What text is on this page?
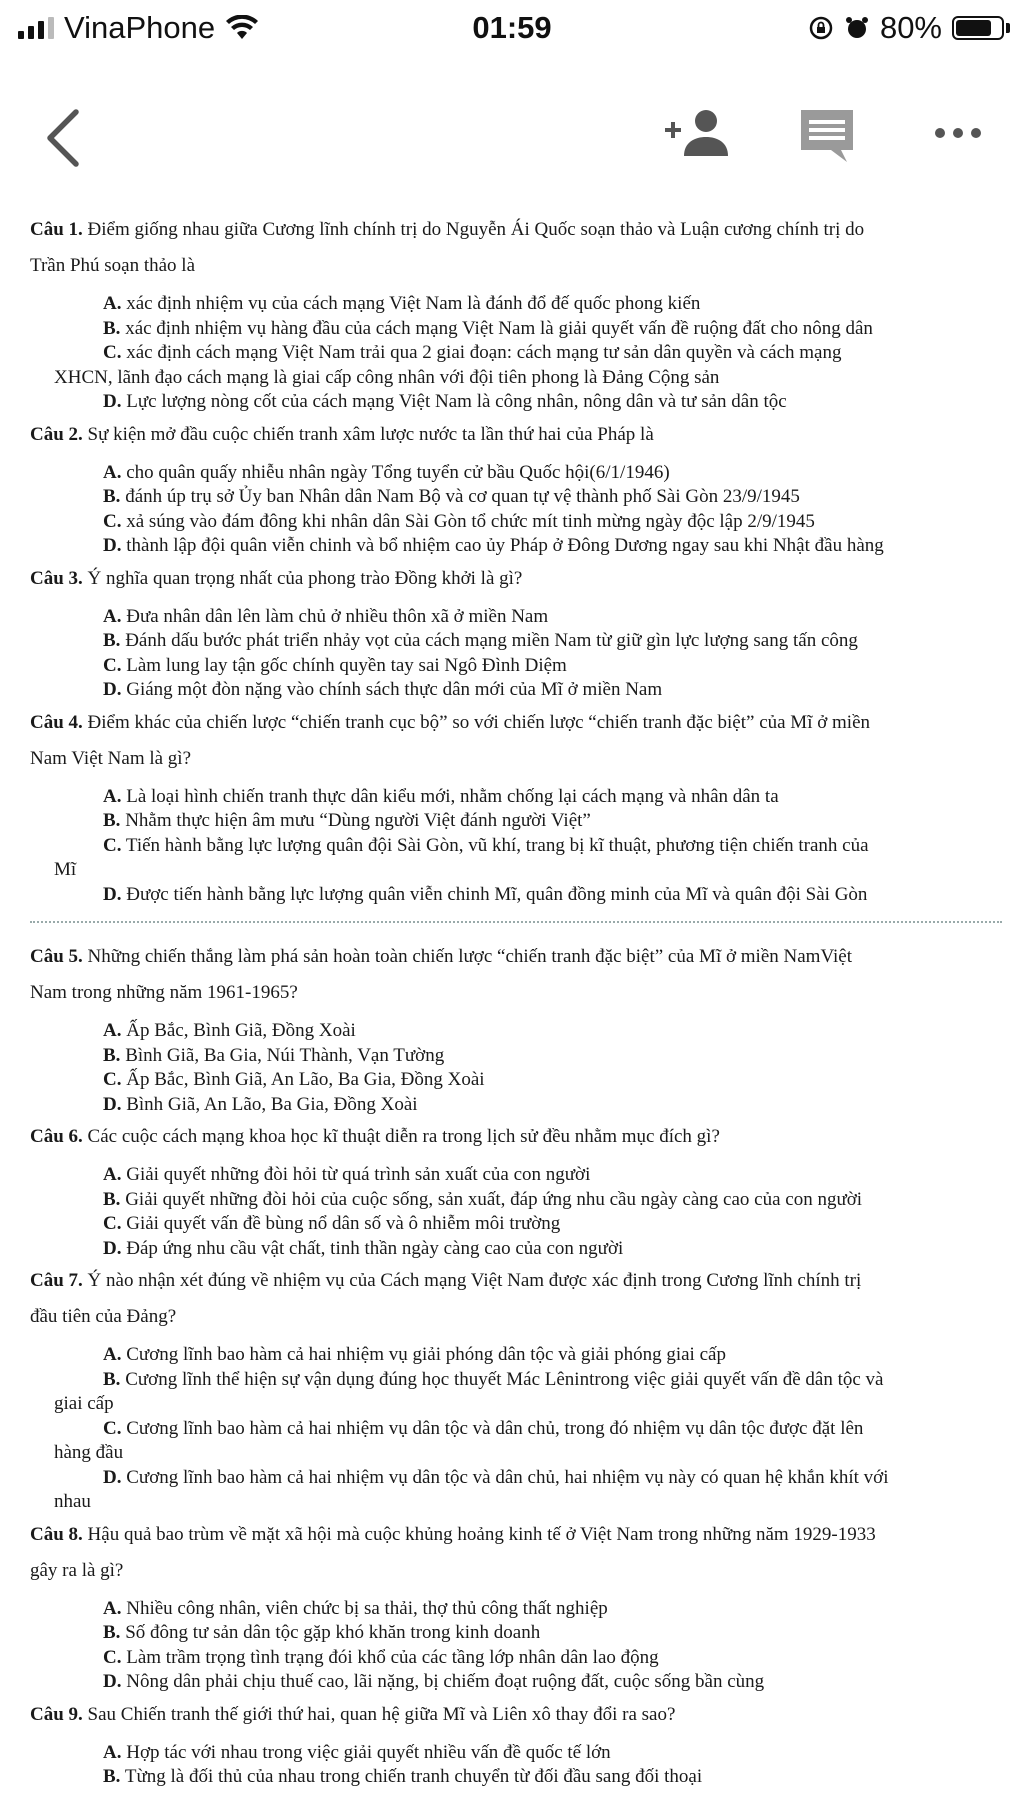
VinaPhone	01:59	80%
Câu 1. Điểm giống nhau giữa Cương lĩnh chính trị do Nguyễn Ái Quốc soạn thảo và Luận cương chính trị do
Trần Phú soạn thảo là
A. xác định nhiệm vụ của cách mạng Việt Nam là đánh đổ đế quốc phong kiến
B. xác định nhiệm vụ hàng đầu của cách mạng Việt Nam là giải quyết vấn đề ruộng đất cho nông dân
C. xác định cách mạng Việt Nam trải qua 2 giai đoạn: cách mạng tư sản dân quyền và cách mạng
XHCN, lãnh đạo cách mạng là giai cấp công nhân với đội tiên phong là Đảng Cộng sản
D. Lực lượng nòng cốt của cách mạng Việt Nam là công nhân, nông dân và tư sản dân tộc
Câu 2. Sự kiện mở đầu cuộc chiến tranh xâm lược nước ta lần thứ hai của Pháp là
A. cho quân quấy nhiễu nhân ngày Tổng tuyển cử bầu Quốc hội(6/1/1946)
B. đánh úp trụ sở Ủy ban Nhân dân Nam Bộ và cơ quan tự vệ thành phố Sài Gòn 23/9/1945
C. xả súng vào đám đông khi nhân dân Sài Gòn tổ chức mít tinh mừng ngày độc lập 2/9/1945
D. thành lập đội quân viễn chinh và bổ nhiệm cao ủy Pháp ở Đông Dương ngay sau khi Nhật đầu hàng
Câu 3. Ý nghĩa quan trọng nhất của phong trào Đồng khởi là gì?
A. Đưa nhân dân lên làm chủ ở nhiều thôn xã ở miền Nam
B. Đánh dấu bước phát triển nhảy vọt của cách mạng miền Nam từ giữ gìn lực lượng sang tấn công
C. Làm lung lay tận gốc chính quyền tay sai Ngô Đình Diệm
D. Giáng một đòn nặng vào chính sách thực dân mới của Mĩ ở miền Nam
Câu 4. Điểm khác của chiến lược “chiến tranh cục bộ” so với chiến lược “chiến tranh đặc biệt” của Mĩ ở miền
Nam Việt Nam là gì?
A. Là loại hình chiến tranh thực dân kiểu mới, nhằm chống lại cách mạng và nhân dân ta
B. Nhằm thực hiện âm mưu “Dùng người Việt đánh người Việt”
C. Tiến hành bằng lực lượng quân đội Sài Gòn, vũ khí, trang bị kĩ thuật, phương tiện chiến tranh của
Mĩ
D. Được tiến hành bằng lực lượng quân viễn chinh Mĩ, quân đồng minh của Mĩ và quân đội Sài Gòn
Câu 5. Những chiến thắng làm phá sản hoàn toàn chiến lược “chiến tranh đặc biệt” của Mĩ ở miền NamViệt
Nam trong những năm 1961-1965?
A. Ấp Bắc, Bình Giã, Đồng Xoài
B. Bình Giã, Ba Gia, Núi Thành, Vạn Tường
C. Ấp Bắc, Bình Giã, An Lão, Ba Gia, Đồng Xoài
D. Bình Giã, An Lão, Ba Gia, Đồng Xoài
Câu 6. Các cuộc cách mạng khoa học kĩ thuật diễn ra trong lịch sử đều nhằm mục đích gì?
A. Giải quyết những đòi hỏi từ quá trình sản xuất của con người
B. Giải quyết những đòi hỏi của cuộc sống, sản xuất, đáp ứng nhu cầu ngày càng cao của con người
C. Giải quyết vấn đề bùng nổ dân số và ô nhiễm môi trường
D. Đáp ứng nhu cầu vật chất, tinh thần ngày càng cao của con người
Câu 7. Ý nào nhận xét đúng về nhiệm vụ của Cách mạng Việt Nam được xác định trong Cương lĩnh chính trị
đầu tiên của Đảng?
A. Cương lĩnh bao hàm cả hai nhiệm vụ giải phóng dân tộc và giải phóng giai cấp
B. Cương lĩnh thể hiện sự vận dụng đúng học thuyết Mác Lênintrong việc giải quyết vấn đề dân tộc và
giai cấp
C. Cương lĩnh bao hàm cả hai nhiệm vụ dân tộc và dân chủ, trong đó nhiệm vụ dân tộc được đặt lên
hàng đầu
D. Cương lĩnh bao hàm cả hai nhiệm vụ dân tộc và dân chủ, hai nhiệm vụ này có quan hệ khắn khít với
nhau
Câu 8. Hậu quả bao trùm về mặt xã hội mà cuộc khủng hoảng kinh tế ở Việt Nam trong những năm 1929-1933
gây ra là gì?
A. Nhiều công nhân, viên chức bị sa thải, thợ thủ công thất nghiệp
B. Số đông tư sản dân tộc gặp khó khăn trong kinh doanh
C. Làm trầm trọng tình trạng đói khổ của các tầng lớp nhân dân lao động
D. Nông dân phải chịu thuế cao, lãi nặng, bị chiếm đoạt ruộng đất, cuộc sống bần cùng
Câu 9. Sau Chiến tranh thế giới thứ hai, quan hệ giữa Mĩ và Liên xô thay đổi ra sao?
A. Hợp tác với nhau trong việc giải quyết nhiều vấn đề quốc tế lớn
B. Từng là đối thủ của nhau trong chiến tranh chuyển từ đối đầu sang đối thoại
